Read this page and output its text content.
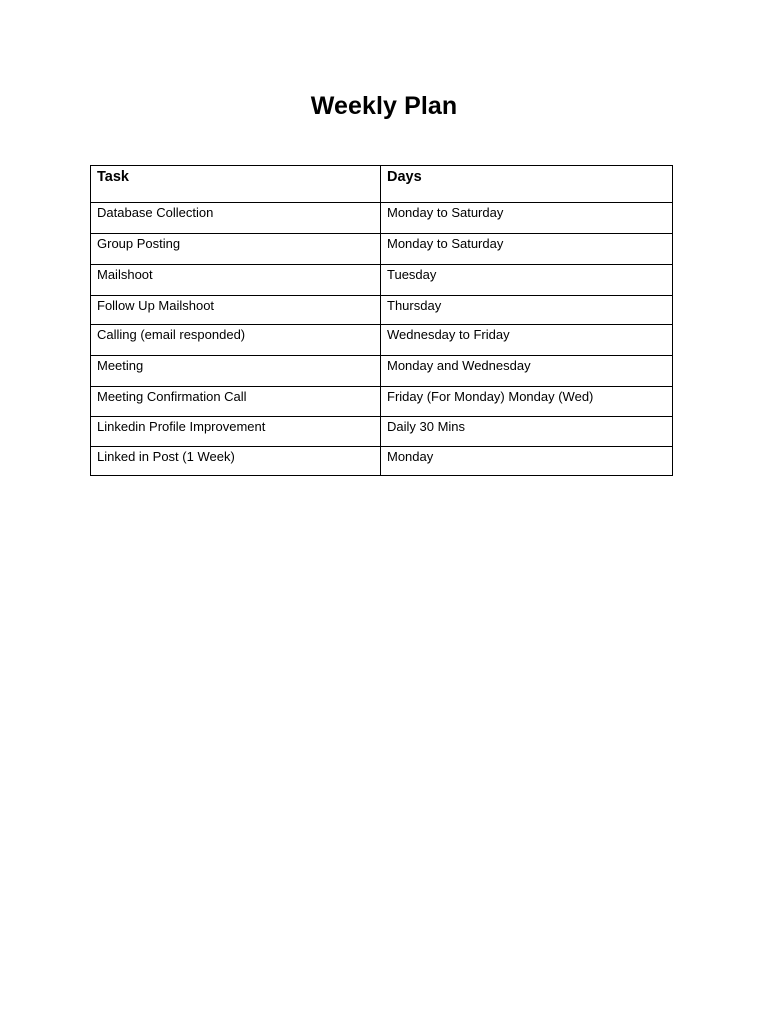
Weekly Plan
Task	Days
Database Collection	Monday to Saturday
Group Posting	Monday to Saturday
Mailshoot	Tuesday
Follow Up Mailshoot	Thursday
Calling (email responded)	Wednesday to Friday
Meeting	Monday and Wednesday
Meeting Confirmation Call	Friday (For Monday) Monday (Wed)
Linkedin Profile Improvement	Daily 30 Mins
Linked in Post (1 Week)	Monday
